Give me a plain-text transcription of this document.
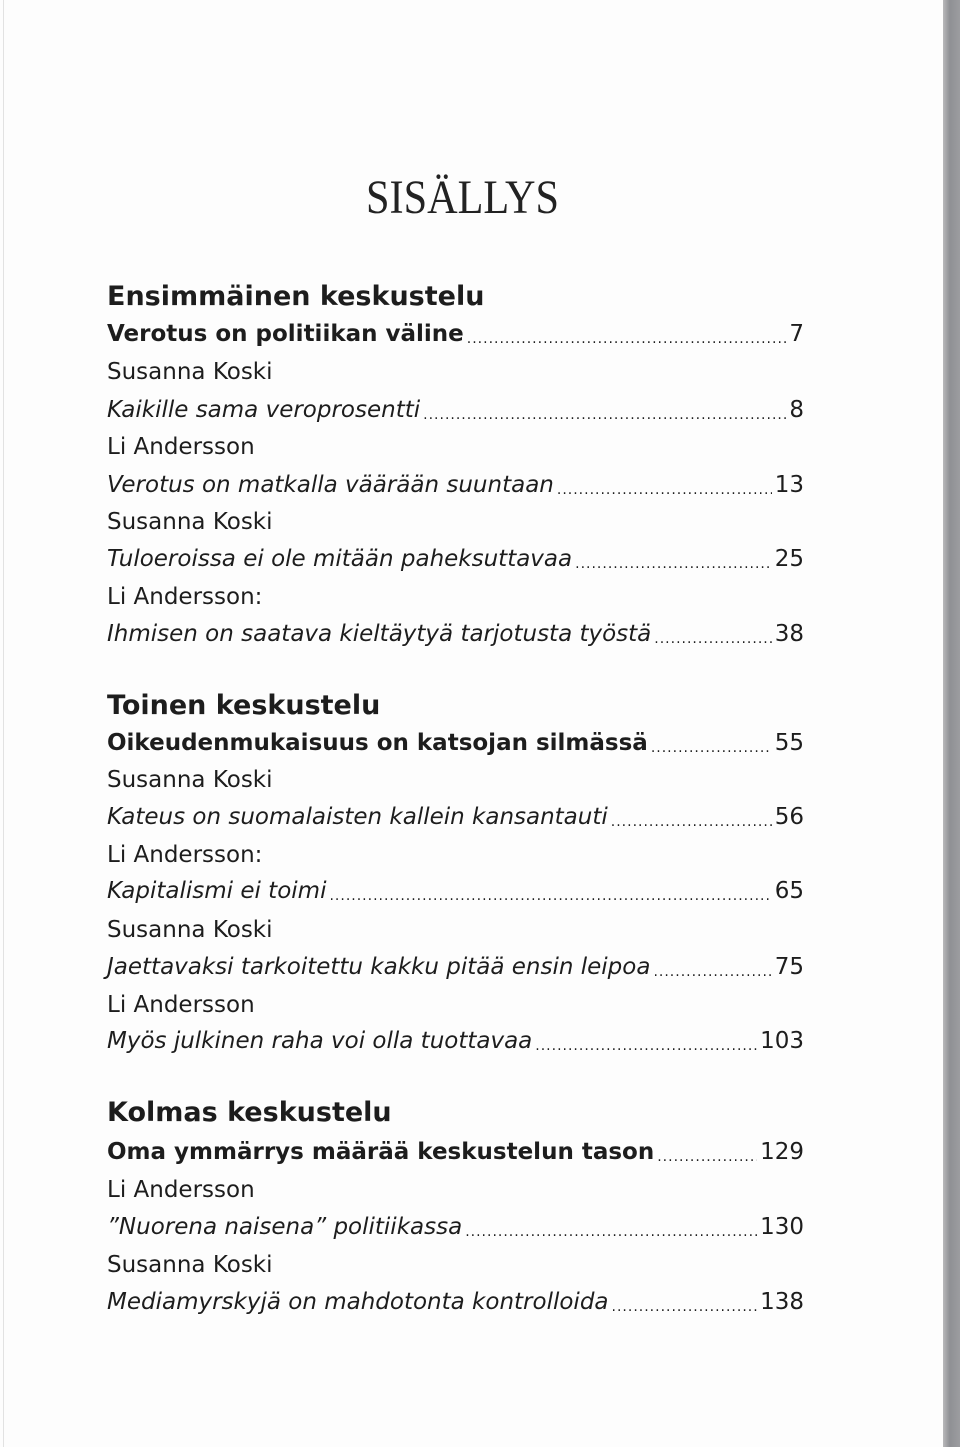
SISÄLLYS
Ensimmäinen keskustelu
Verotus on politiikan väline .....	7
Susanna Koski
Kaikille sama veroprosentti .....	8
Li Andersson
Verotus on matkalla väärään suuntaan .....	13
Susanna Koski
Tuloeroissa ei ole mitään paheksuttavaa .....	25
Li Andersson:
Ihmisen on saatava kieltäytyä tarjotusta työstä .....	38
Toinen keskustelu
Oikeudenmukaisuus on katsojan silmässä .....	55
Susanna Koski
Kateus on suomalaisten kallein kansantauti .....	56
Li Andersson:
Kapitalismi ei toimi .....	65
Susanna Koski
Jaettavaksi tarkoitettu kakku pitää ensin leipoa .....	75
Li Andersson
Myös julkinen raha voi olla tuottavaa .....	103
Kolmas keskustelu
Oma ymmärrys määrää keskustelun tason .....	129
Li Andersson
”Nuorena naisena” politiikassa .....	130
Susanna Koski
Mediamyrskyjä on mahdotonta kontrolloida .....	138
